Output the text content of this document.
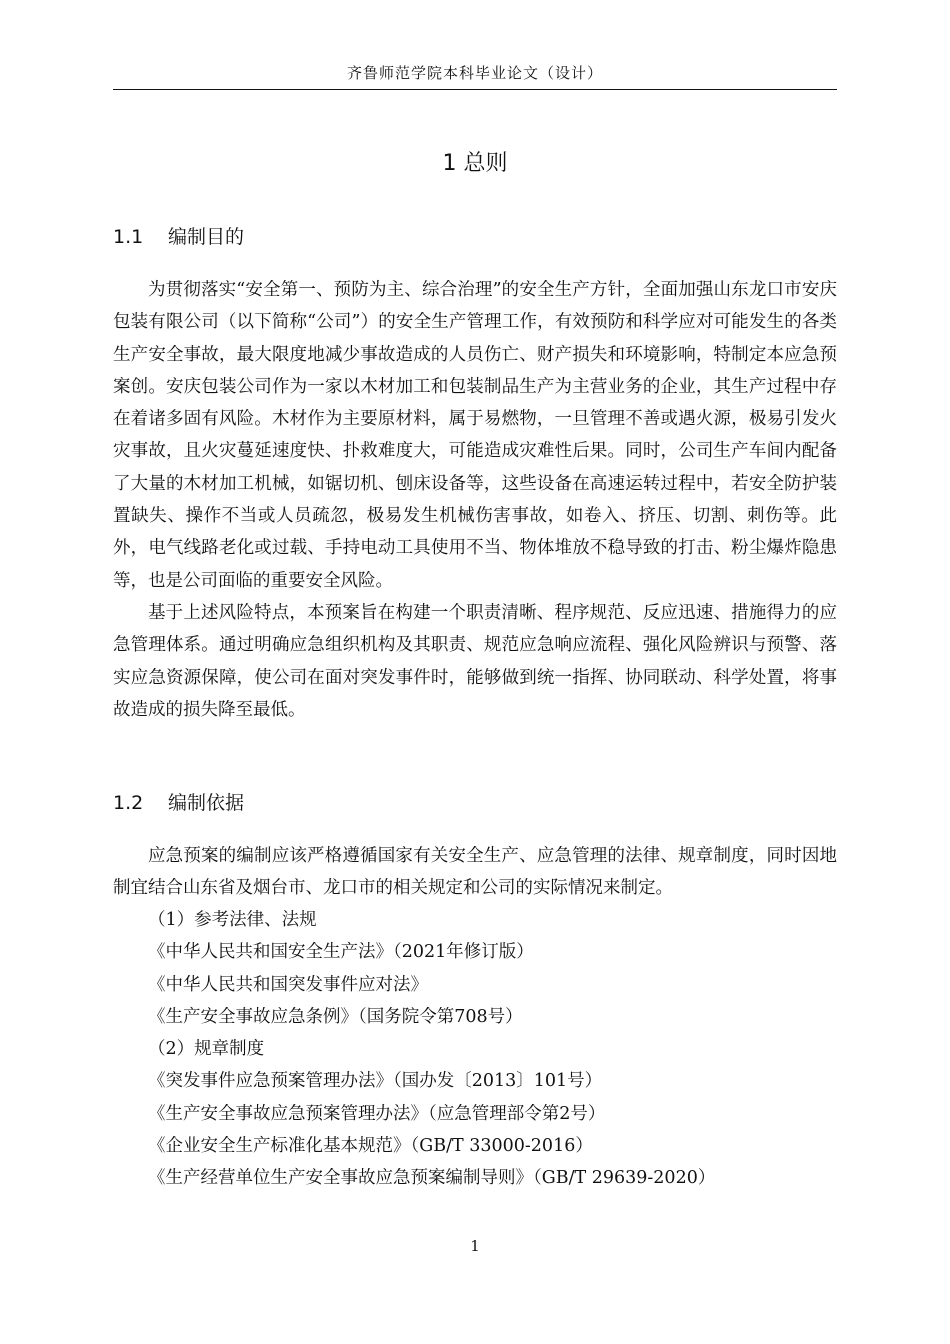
齐鲁师范学院本科毕业论文（设计）
1 总则
1.1 编制目的

为贯彻落实“安全第一、预防为主、综合治理”的安全生产方针，全面加强山东龙口市安庆包装有限公司（以下简称“公司”）的安全生产管理工作，有效预防和科学应对可能发生的各类生产安全事故，最大限度地减少事故造成的人员伤亡、财产损失和环境影响，特制定本应急预案创。安庆包装公司作为一家以木材加工和包装制品生产为主营业务的企业，其生产过程中存在着诸多固有风险。木材作为主要原材料，属于易燃物，一旦管理不善或遇火源，极易引发火灾事故，且火灾蔓延速度快、扑救难度大，可能造成灾难性后果。同时，公司生产车间内配备了大量的木材加工机械，如锯切机、刨床设备等，这些设备在高速运转过程中，若安全防护装置缺失、操作不当或人员疏忽，极易发生机械伤害事故，如卷入、挤压、切割、刺伤等。此外，电气线路老化或过载、手持电动工具使用不当、物体堆放不稳导致的打击、粉尘爆炸隐患等，也是公司面临的重要安全风险。

基于上述风险特点，本预案旨在构建一个职责清晰、程序规范、反应迅速、措施得力的应急管理体系。通过明确应急组织机构及其职责、规范应急响应流程、强化风险辨识与预警、落实应急资源保障，使公司在面对突发事件时，能够做到统一指挥、协同联动、科学处置，将事故造成的损失降至最低。

1.2 编制依据

应急预案的编制应该严格遵循国家有关安全生产、应急管理的法律、规章制度，同时因地制宜结合山东省及烟台市、龙口市的相关规定和公司的实际情况来制定。

（1）参考法律、法规
《中华人民共和国安全生产法》（2021年修订版）
《中华人民共和国突发事件应对法》
《生产安全事故应急条例》（国务院令第708号）
（2）规章制度
《突发事件应急预案管理办法》（国办发〔2013〕101号）
《生产安全事故应急预案管理办法》（应急管理部令第2号）
《企业安全生产标准化基本规范》（GB/T 33000-2016）
《生产经营单位生产安全事故应急预案编制导则》（GB/T 29639-2020）
1
